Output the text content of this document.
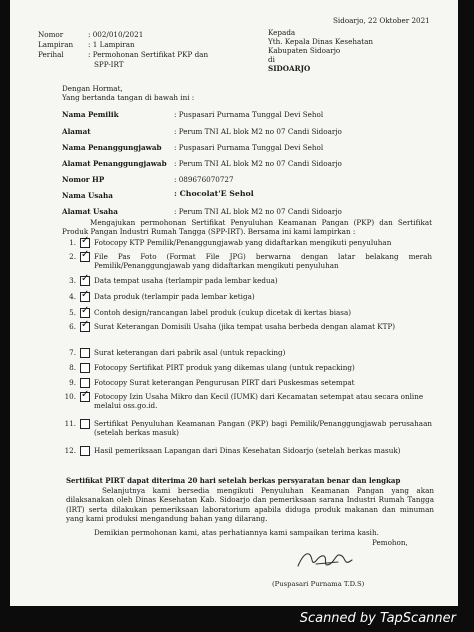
Sidoarjo, 22 Oktober 2021
Nomor	: 002/010/2021
Lampiran : 1 Lampiran
Perihal	: Permohonan Sertifikat PKP dan
SPP-IRT
Kepada
Yth. Kepala Dinas Kesehatan
Kabupaten Sidoarjo
di
SIDOARJO
Dengan Hormat,
Yang bertanda tangan di bawah ini :
Nama Pemilik	: Puspasari Purnama Tunggal Devi Sehol
Alamat	: Perum TNI AL blok M2 no 07 Candi Sidoarjo
Nama Penanggungjawab : Puspasari Purnama Tunggal Devi Sehol
Alamat Penanggungjawab : Perum TNI AL blok M2 no 07 Candi Sidoarjo
Nomor HP	: 089676070727
Nama Usaha	: Chocolat'E Sehol
Alamat Usaha	: Perum TNI AL blok M2 no 07 Candi Sidoarjo
Mengajukan permohonan Sertifikat Penyuluhan Keamanan Pangan (PKP) dan Sertifikat Produk Pangan Industri Rumah Tangga (SPP-IRT). Bersama ini kami lampirkan :
1. ✓ Fotocopy KTP Pemilik/Penanggungjawab yang didaftarkan mengikuti penyuluhan
2. ✓ File Pas Foto (Format File JPG) berwarna dengan latar belakang merah Pemilik/Penanggungjawab yang didaftarkan mengikuti penyuluhan
3. ✓ Data tempat usaha (terlampir pada lembar kedua)
4. ✓ Data produk (terlampir pada lembar ketiga)
5. ✓ Contoh design/rancangan label produk (cukup dicetak di kertas biasa)
6. ✓ Surat Keterangan Domisili Usaha (jika tempat usaha berbeda dengan alamat KTP)
7.	Surat keterangan dari pabrik asal (untuk repacking)
8.	Fotocopy Sertifikat PIRT produk yang dikemas ulang (untuk repacking)
9.	Fotocopy Surat keterangan Pengurusan PIRT dari Puskesmas setempat
10. ✓ Fotocopy Izin Usaha Mikro dan Kecil (IUMK) dari Kecamatan setempat atau secara online melalui oss.go.id.
11.	Sertifikat Penyuluhan Keamanan Pangan (PKP) bagi Pemilik/Penanggungjawab perusahaan (setelah berkas masuk)
12.	Hasil pemeriksaan Lapangan dari Dinas Kesehatan Sidoarjo (setelah berkas masuk)
Sertifikat PIRT dapat diterima 20 hari setelah berkas persyaratan benar dan lengkap
Selanjutnya kami bersedia mengikuti Penyuluhan Keamanan Pangan yang akan dilaksanakan oleh Dinas Kesehatan Kab. Sidoarjo dan pemeriksaan sarana Industri Rumah Tangga (IRT) serta dilakukan pemeriksaan laboratorium apabila diduga produk makanan dan minuman yang kami produksi mengandung bahan yang dilarang.
Demikian permohonan kami, atas perhatiannya kami sampaikan terima kasih.
Pemohon,
(Puspasari Purnama T.D.S)
Scanned by TapScanner
